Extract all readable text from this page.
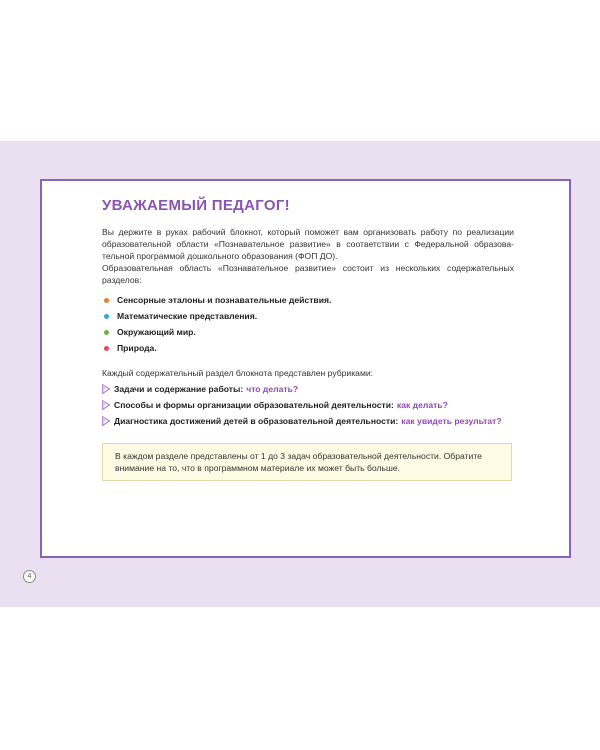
УВАЖАЕМЫЙ ПЕДАГОГ!

Вы держите в руках рабочий блокнот, который поможет вам организовать работу по реализации образовательной области «Познавательное развитие» в соответствии с Федеральной образова-тельной программой дошкольного образования (ФОП ДО).

Образовательная область «Познавательное развитие» состоит из нескольких содержательных разделов:

Сенсорные эталоны и познавательные действия.
Математические представления.
Окружающий мир.
Природа.

Каждый содержательный раздел блокнота представлен рубриками:

Задачи и содержание работы: что делать?
Способы и формы организации образовательной деятельности: как делать?
Диагностика достижений детей в образовательной деятельности: как увидеть результат?
В каждом разделе представлены от 1 до 3 задач образовательной деятельности. Обратите внимание на то, что в программном материале их может быть больше.
4
